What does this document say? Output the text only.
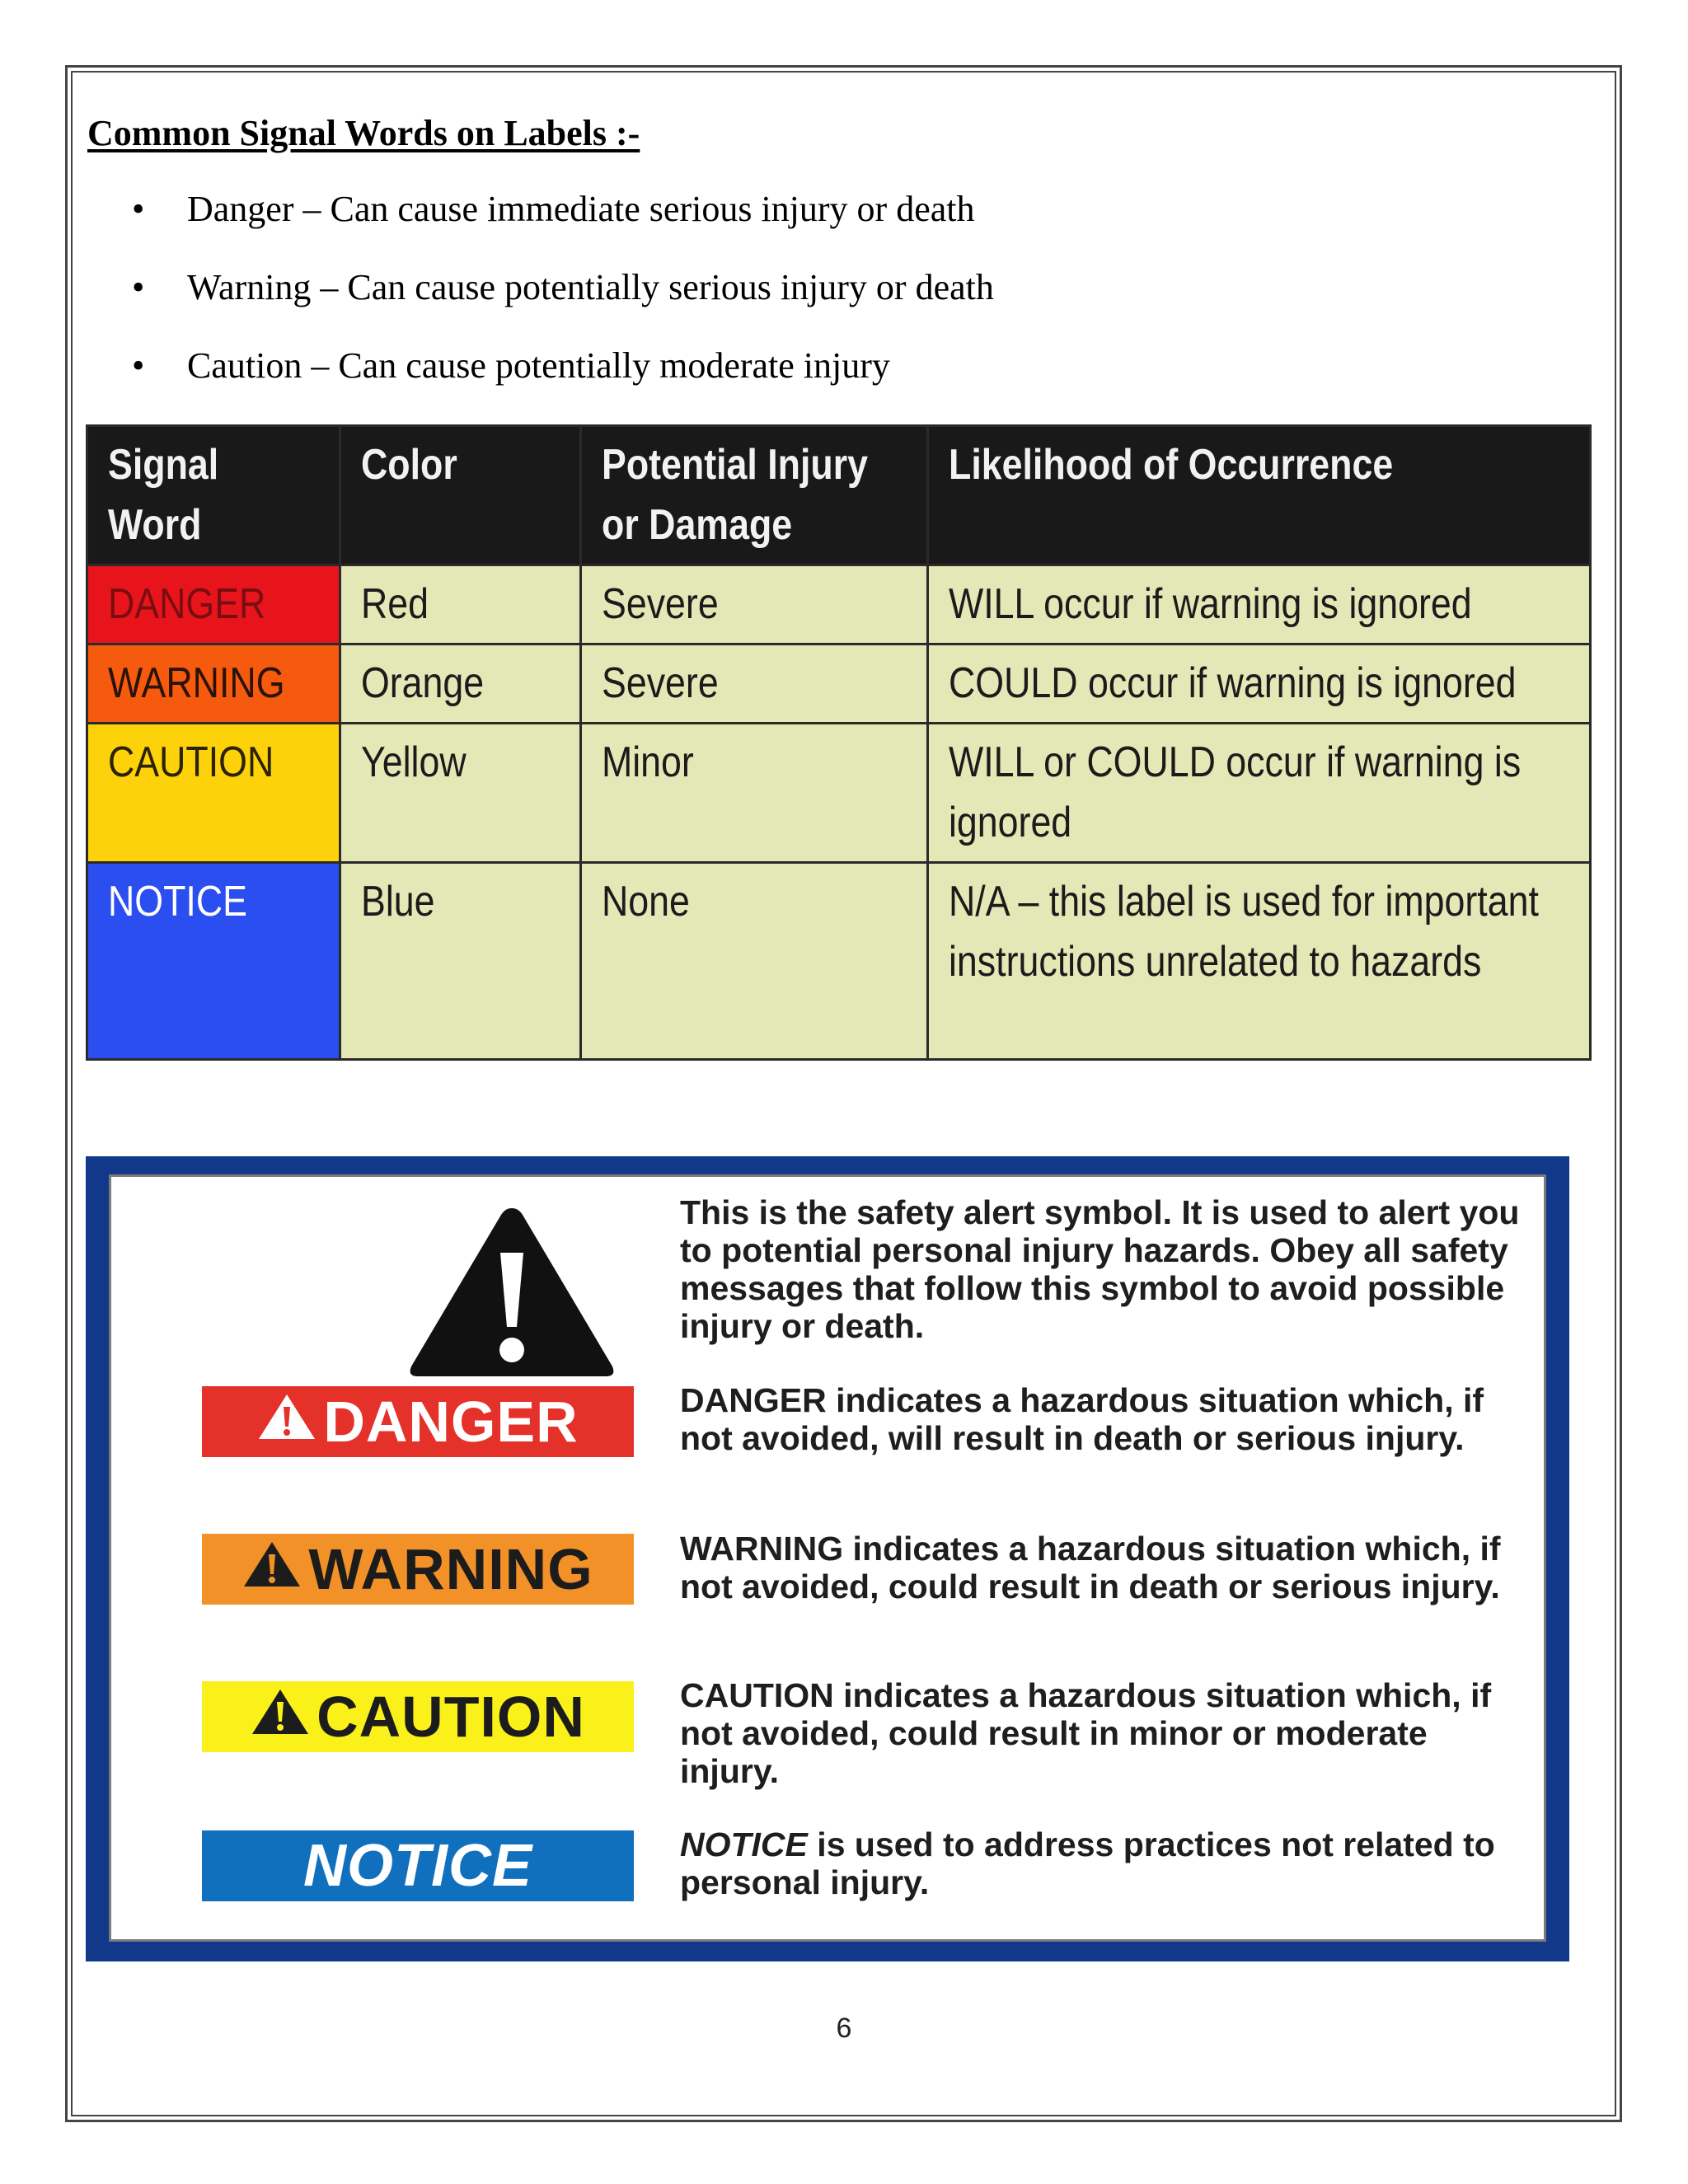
Common Signal Words on Labels :-
• Danger – Can cause immediate serious injury or death
• Warning – Can cause potentially serious injury or death
• Caution – Can cause potentially moderate injury
Signal Word	Color	Potential Injury or Damage	Likelihood of Occurrence
DANGER	Red	Severe	WILL occur if warning is ignored
WARNING	Orange	Severe	COULD occur if warning is ignored
CAUTION	Yellow	Minor	WILL or COULD occur if warning is ignored
NOTICE	Blue	None	N/A – this label is used for important instructions unrelated to hazards
This is the safety alert symbol. It is used to alert you to potential personal injury hazards. Obey all safety messages that follow this symbol to avoid possible injury or death.
DANGER	DANGER indicates a hazardous situation which, if not avoided, will result in death or serious injury.
WARNING	WARNING indicates a hazardous situation which, if not avoided, could result in death or serious injury.
CAUTION	CAUTION indicates a hazardous situation which, if not avoided, could result in minor or moderate injury.
NOTICE	NOTICE is used to address practices not related to personal injury.
6
